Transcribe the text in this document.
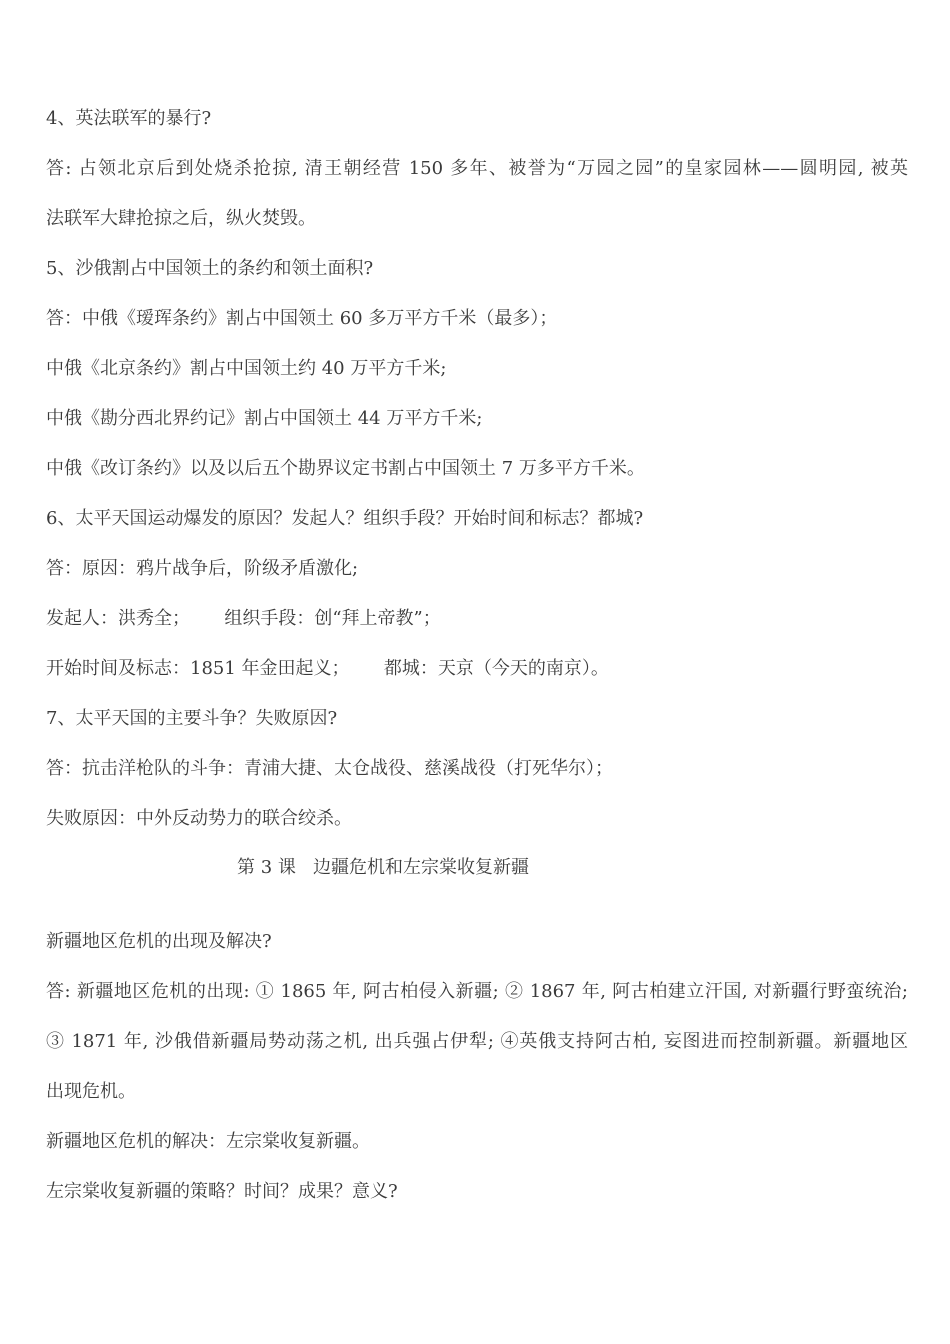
4、英法联军的暴行?
答: 占领北京后到处烧杀抢掠, 清王朝经营 150 多年、被誉为“万园之园”的皇家园林——圆明园, 被英
法联军大肆抢掠之后，纵火焚毁。
5、沙俄割占中国领土的条约和领土面积?
答：中俄《瑷珲条约》割占中国领土 60 多万平方千米（最多）；
中俄《北京条约》割占中国领土约 40 万平方千米;
中俄《勘分西北界约记》割占中国领土 44 万平方千米;
中俄《改订条约》以及以后五个勘界议定书割占中国领土 7 万多平方千米。
6、太平天国运动爆发的原因？发起人？组织手段？开始时间和标志？都城?
答：原因：鸦片战争后，阶级矛盾激化;
发起人：洪秀全；      组织手段：创“拜上帝教”；
开始时间及标志：1851 年金田起义；      都城：天京（今天的南京）。
7、太平天国的主要斗争？失败原因?
答：抗击洋枪队的斗争：青浦大捷、太仓战役、慈溪战役（打死华尔）；
失败原因：中外反动势力的联合绞杀。
第 3 课   边疆危机和左宗棠收复新疆
新疆地区危机的出现及解决?
答: 新疆地区危机的出现: ① 1865 年, 阿古柏侵入新疆; ② 1867 年, 阿古柏建立汗国, 对新疆行野蛮统治;
③ 1871 年, 沙俄借新疆局势动荡之机, 出兵强占伊犁; ④英俄支持阿古柏, 妄图进而控制新疆。新疆地区
出现危机。
新疆地区危机的解决：左宗棠收复新疆。
左宗棠收复新疆的策略？时间？成果？意义?
